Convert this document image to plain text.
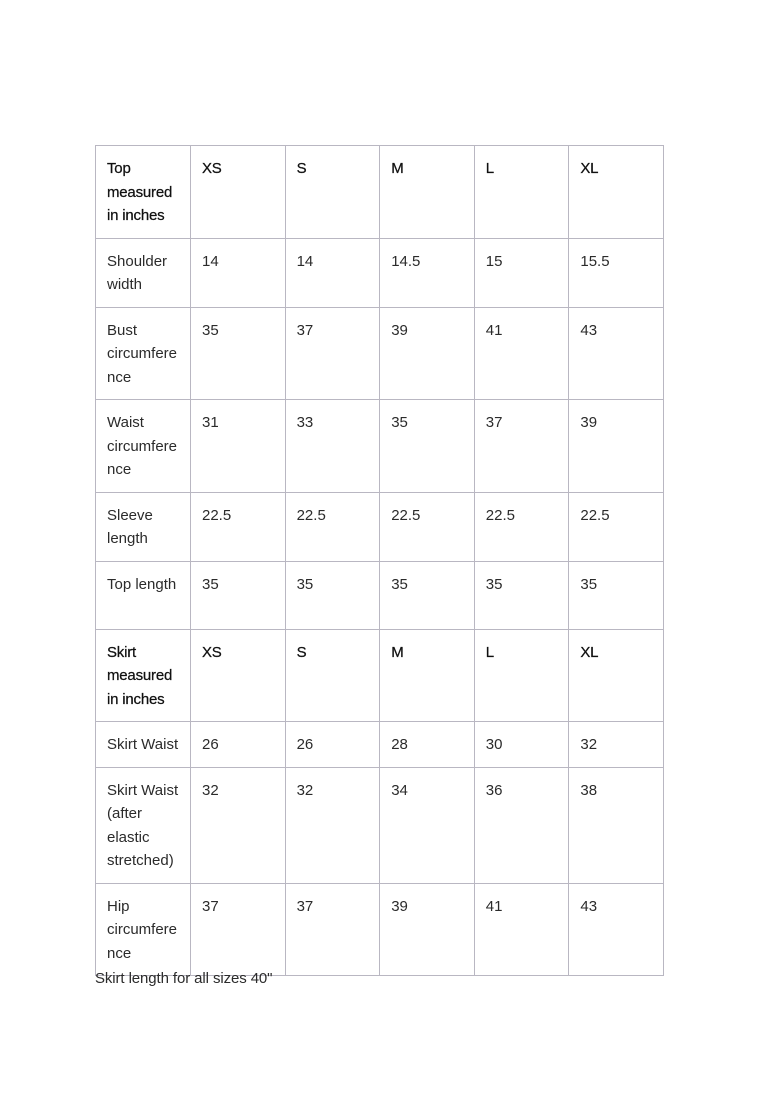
Top measured in inches	XS	S	M	L	XL
Shoulder width	14	14	14.5	15	15.5
Bust circumference	35	37	39	41	43
Waist circumference	31	33	35	37	39
Sleeve length	22.5	22.5	22.5	22.5	22.5
Top length	35	35	35	35	35
Skirt measured in inches	XS	S	M	L	XL
Skirt Waist	26	26	28	30	32
Skirt Waist (after elastic stretched)	32	32	34	36	38
Hip circumference	37	37	39	41	43
Skirt length for all sizes 40"
